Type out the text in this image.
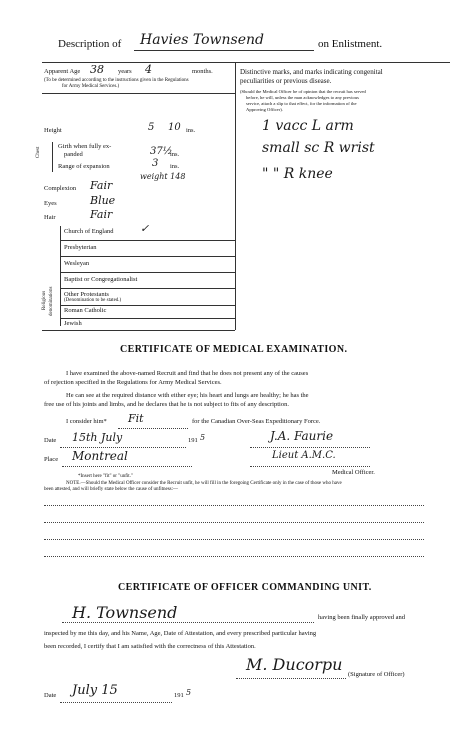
Description of Havies Townsend	on Enlistment.
Apparent Age 38 years 4	months.
(To be determined according to the instructions given in the Regulations
for Army Medical Services.)
Height	5 10 ins.
Chest
Girth when fully ex-
panded	37½
ins.
Range of expansion	3 ins.
weight 148
Complexion Fair
Eyes	Blue
Hair	Fair
Religious denominations
Church of England ✓
Presbyterian
Wesleyan
Baptist or Congregationalist
Other Protestants
(Denomination to be stated.)
Roman Catholic
Jewish
Distinctive marks, and marks indicating congenital
peculiarities or previous disease.
(Should the Medical Officer be of opinion that the recruit has served
before, he will, unless the man acknowledges to any previous
service, attach a slip to that effect, for the information of the
Approving Officer).
1 vacc L arm
small sc R wrist
" " R knee
CERTIFICATE OF MEDICAL EXAMINATION.
I have examined the above-named Recruit and find that he does not present any of the causes
of rejection specified in the Regulations for Army Medical Services.
He can see at the required distance with either eye; his heart and lungs are healthy; he has the
free use of his joints and limbs, and he declares that he is not subject to fits of any description.
I consider him* Fit	for the Canadian Over-Seas Expeditionary Force.
Date 15th July	191 5	J.A. Faurie
Place Montreal	Lieut A.M.C.
Medical Officer.
*Insert here "fit" or "unfit."
NOTE.—Should the Medical Officer consider the Recruit unfit, he will fill in the foregoing Certificate only in the case of those who have
been attested, and will briefly state below the cause of unfitness:—
CERTIFICATE OF OFFICER COMMANDING UNIT.
H. Townsend	having been finally approved and
inspected by me this day, and his Name, Age, Date of Attestation, and every prescribed particular having
been recorded, I certify that I am satisfied with the correctness of this Attestation.
M. Ducorpu
(Signature of Officer)
Date July 15	191 5
